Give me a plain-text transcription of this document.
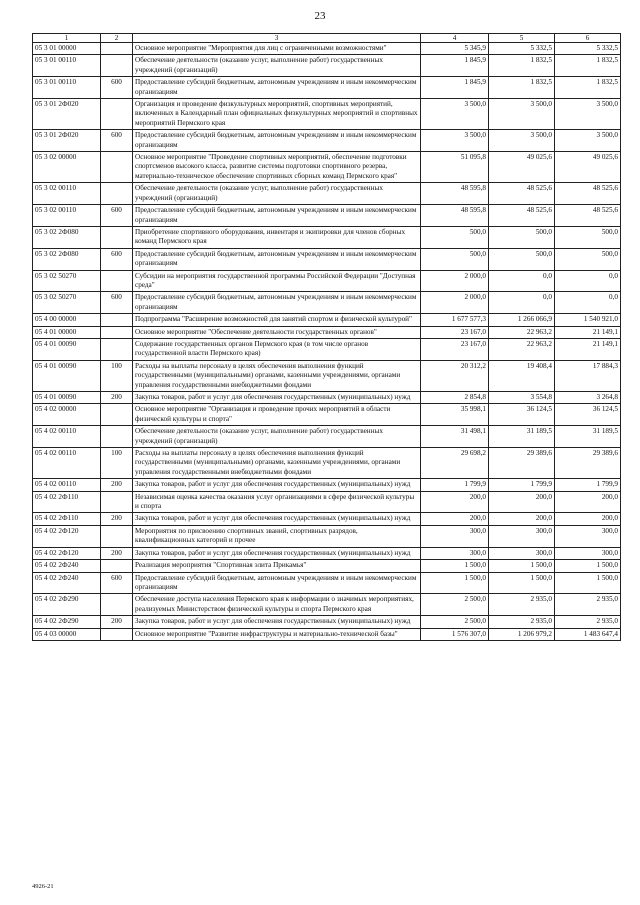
23
1	2	3	4	5	6
05 3 01 00000		Основное мероприятие "Мероприятия для лиц с ограниченными возможностями"	5 345,9	5 332,5	5 332,5
05 3 01 00110		Обеспечение деятельности (оказание услуг, выполнение работ) государственных учреждений (организаций)	1 845,9	1 832,5	1 832,5
05 3 01 00110	600	Предоставление субсидий бюджетным, автономным учреждениям и иным некоммерческим организациям	1 845,9	1 832,5	1 832,5
05 3 01 2Ф020		Организация и проведение физкультурных мероприятий, спортивных мероприятий, включенных в Календарный план официальных физкультурных мероприятий и спортивных мероприятий Пермского края	3 500,0	3 500,0	3 500,0
05 3 01 2Ф020	600	Предоставление субсидий бюджетным, автономным учреждениям и иным некоммерческим организациям	3 500,0	3 500,0	3 500,0
05 3 02 00000		Основное мероприятие "Проведение спортивных мероприятий, обеспечение подготовки спортсменов высокого класса, развитие системы подготовки спортивного резерва, материально-техническое обеспечение спортивных сборных команд Пермского края"	51 095,8	49 025,6	49 025,6
05 3 02 00110		Обеспечение деятельности (оказание услуг, выполнение работ) государственных учреждений (организаций)	48 595,8	48 525,6	48 525,6
05 3 02 00110	600	Предоставление субсидий бюджетным, автономным учреждениям и иным некоммерческим организациям	48 595,8	48 525,6	48 525,6
05 3 02 2Ф080		Приобретение спортивного оборудования, инвентаря и экипировки для членов сборных команд Пермского края	500,0	500,0	500,0
05 3 02 2Ф080	600	Предоставление субсидий бюджетным, автономным учреждениям и иным некоммерческим организациям	500,0	500,0	500,0
05 3 02 50270		Субсидии на мероприятия государственной программы Российской Федерации "Доступная среда"	2 000,0	0,0	0,0
05 3 02 50270	600	Предоставление субсидий бюджетным, автономным учреждениям и иным некоммерческим организациям	2 000,0	0,0	0,0
05 4 00 00000		Подпрограмма "Расширение возможностей для занятий спортом и физической культурой"	1 677 577,3	1 266 066,9	1 540 921,0
05 4 01 00000		Основное мероприятие "Обеспечение деятельности государственных органов"	23 167,0	22 963,2	21 149,1
05 4 01 00090		Содержание государственных органов Пермского края (в том числе органов государственной власти Пермского края)	23 167,0	22 963,2	21 149,1
05 4 01 00090	100	Расходы на выплаты персоналу в целях обеспечения выполнения функций государственными (муниципальными) органами, казенными учреждениями, органами управления государственными внебюджетными фондами	20 312,2	19 408,4	17 884,3
05 4 01 00090	200	Закупка товаров, работ и услуг для обеспечения государственных (муниципальных) нужд	2 854,8	3 554,8	3 264,8
05 4 02 00000		Основное мероприятие "Организация и проведение прочих мероприятий в области физической культуры и спорта"	35 998,1	36 124,5	36 124,5
05 4 02 00110		Обеспечение деятельности (оказание услуг, выполнение работ) государственных учреждений (организаций)	31 498,1	31 189,5	31 189,5
05 4 02 00110	100	Расходы на выплаты персоналу в целях обеспечения выполнения функций государственными (муниципальными) органами, казенными учреждениями, органами управления государственными внебюджетными фондами	29 698,2	29 389,6	29 389,6
05 4 02 00110	200	Закупка товаров, работ и услуг для обеспечения государственных (муниципальных) нужд	1 799,9	1 799,9	1 799,9
05 4 02 2Ф110		Независимая оценка качества оказания услуг организациями в сфере физической культуры и спорта	200,0	200,0	200,0
05 4 02 2Ф110	200	Закупка товаров, работ и услуг для обеспечения государственных (муниципальных) нужд	200,0	200,0	200,0
05 4 02 2Ф120		Мероприятия по присвоению спортивных званий, спортивных разрядов, квалификационных категорий и прочее	300,0	300,0	300,0
05 4 02 2Ф120	200	Закупка товаров, работ и услуг для обеспечения государственных (муниципальных) нужд	300,0	300,0	300,0
05 4 02 2Ф240		Реализация мероприятия "Спортивная элита Прикамья"	1 500,0	1 500,0	1 500,0
05 4 02 2Ф240	600	Предоставление субсидий бюджетным, автономным учреждениям и иным некоммерческим организациям	1 500,0	1 500,0	1 500,0
05 4 02 2Ф290		Обеспечение доступа населения Пермского края к информации о значимых мероприятиях, реализуемых Министерством физической культуры и спорта Пермского края	2 500,0	2 935,0	2 935,0
05 4 02 2Ф290	200	Закупка товаров, работ и услуг для обеспечения государственных (муниципальных) нужд	2 500,0	2 935,0	2 935,0
05 4 03 00000		Основное мероприятие "Развитие инфраструктуры и материально-технической базы"	1 576 307,0	1 206 979,2	1 483 647,4
4926-21
